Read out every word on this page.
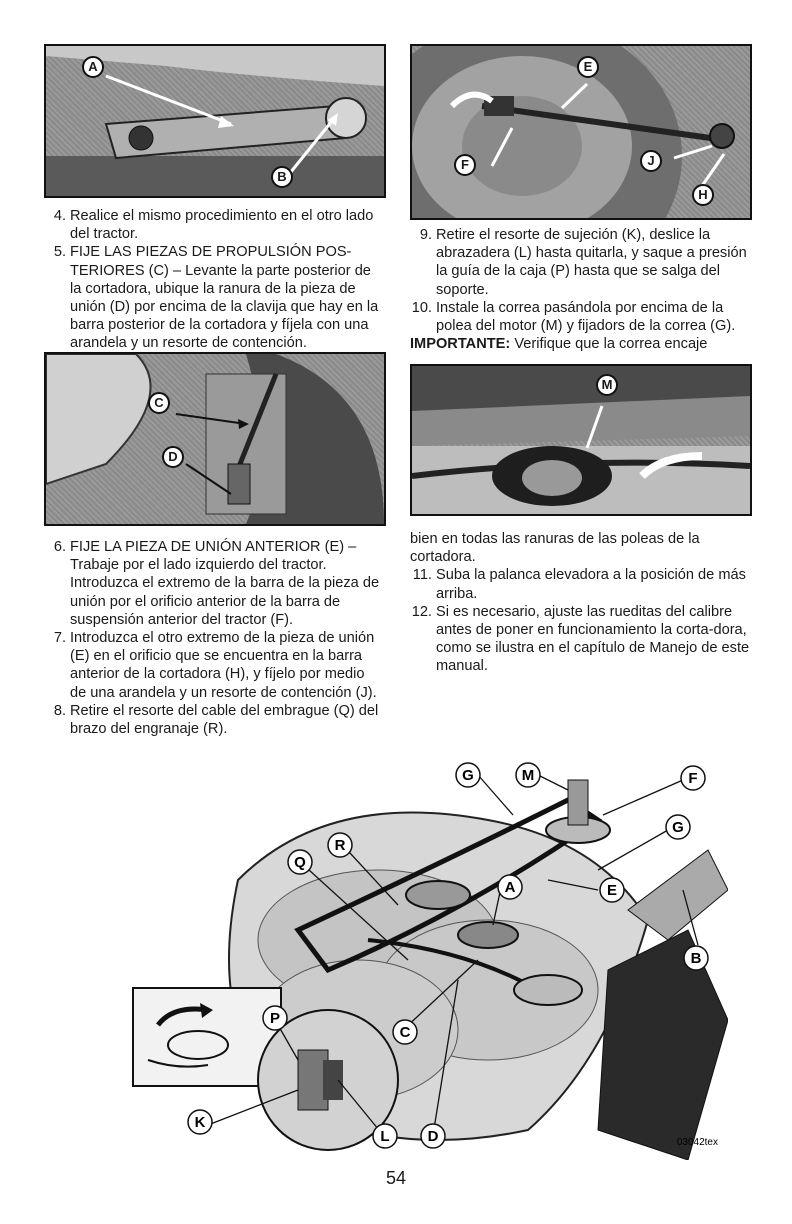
A
B
E
F	J
H
C
D
M
4. Realice el mismo procedimiento en el otro lado del tractor.
5. FIJE LAS PIEZAS DE PROPULSIÓN POS-TERIORES (C) – Levante la parte posterior de la cortadora, ubique la ranura de la pieza de unión (D) por encima de la clavija que hay en la barra posterior de la cortadora y fíjela con una arandela y un resorte de contención.
6. FIJE LA PIEZA DE UNIÓN ANTERIOR (E) – Trabaje por el lado izquierdo del tractor. Introduzca el extremo de la barra de la pieza de unión por el orificio anterior de la barra de suspensión anterior del tractor (F).
7. Introduzca el otro extremo de la pieza de unión (E) en el orificio que se encuentra en la barra anterior de la cortadora (H), y fíjelo por medio de una arandela y un resorte de contención (J).
8. Retire el resorte del cable del embrague (Q) del brazo del engranaje (R).
9. Retire el resorte de sujeción (K), deslice la abrazadera (L) hasta quitarla, y saque a presión la guía de la caja (P) hasta que se salga del soporte.
10. Instale la correa pasándola por encima de la polea del motor (M) y fijadors de la correa (G).
IMPORTANTE: Verifique que la correa encaje
bien en todas las ranuras de las poleas de la cortadora.
11. Suba la palanca elevadora a la posición de más arriba.
12. Si es necesario, ajuste las rueditas del calibre antes de poner en funcionamiento la corta-dora, como se ilustra en el capítulo de Manejo de este manual.
G	M	F
G
R
Q
A	E
B
P
C
K
L	D	03042tex
54
